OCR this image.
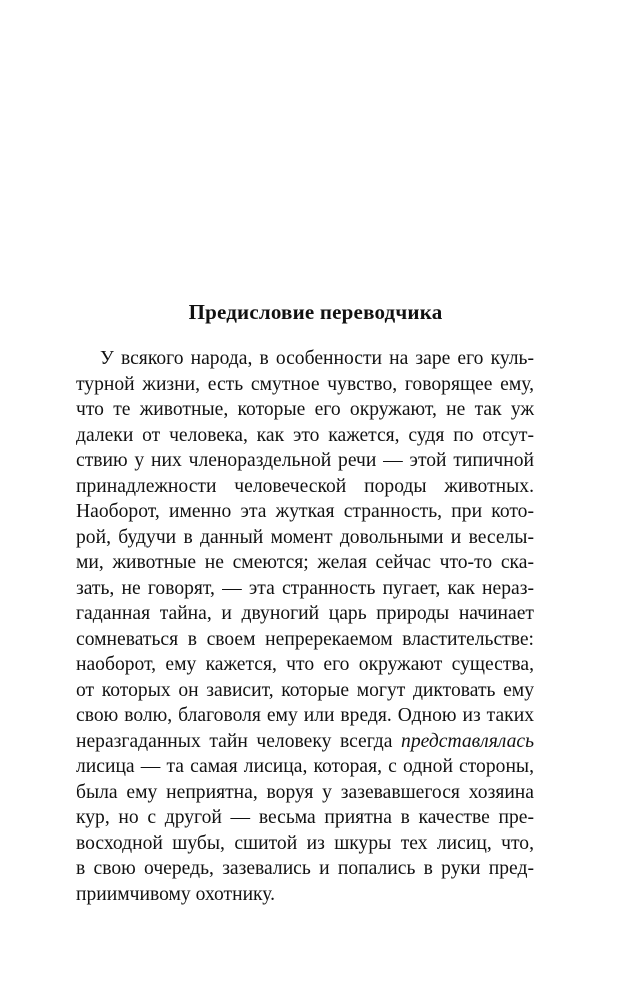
Предисловие переводчика
У всякого народа, в особенности на заре его куль-
турной жизни, есть смутное чувство, говорящее ему,
что те животные, которые его окружают, не так уж
далеки от человека, как это кажется, судя по отсут-
ствию у них членораздельной речи — этой типичной
принадлежности человеческой породы животных.
Наоборот, именно эта жуткая странность, при кото-
рой, будучи в данный момент довольными и веселы-
ми, животные не смеются; желая сейчас что-то ска-
зать, не говорят, — эта странность пугает, как нераз-
гаданная тайна, и двуногий царь природы начинает
сомневаться в своем непререкаемом властительстве:
наоборот, ему кажется, что его окружают существа,
от которых он зависит, которые могут диктовать ему
свою волю, благоволя ему или вредя. Одною из таких
неразгаданных тайн человеку всегда представлялась
лисица — та самая лисица, которая, с одной стороны,
была ему неприятна, воруя у зазевавшегося хозяина
кур, но с другой — весьма приятна в качестве пре-
восходной шубы, сшитой из шкуры тех лисиц, что,
в свою очередь, зазевались и попались в руки пред-
приимчивому охотнику.
